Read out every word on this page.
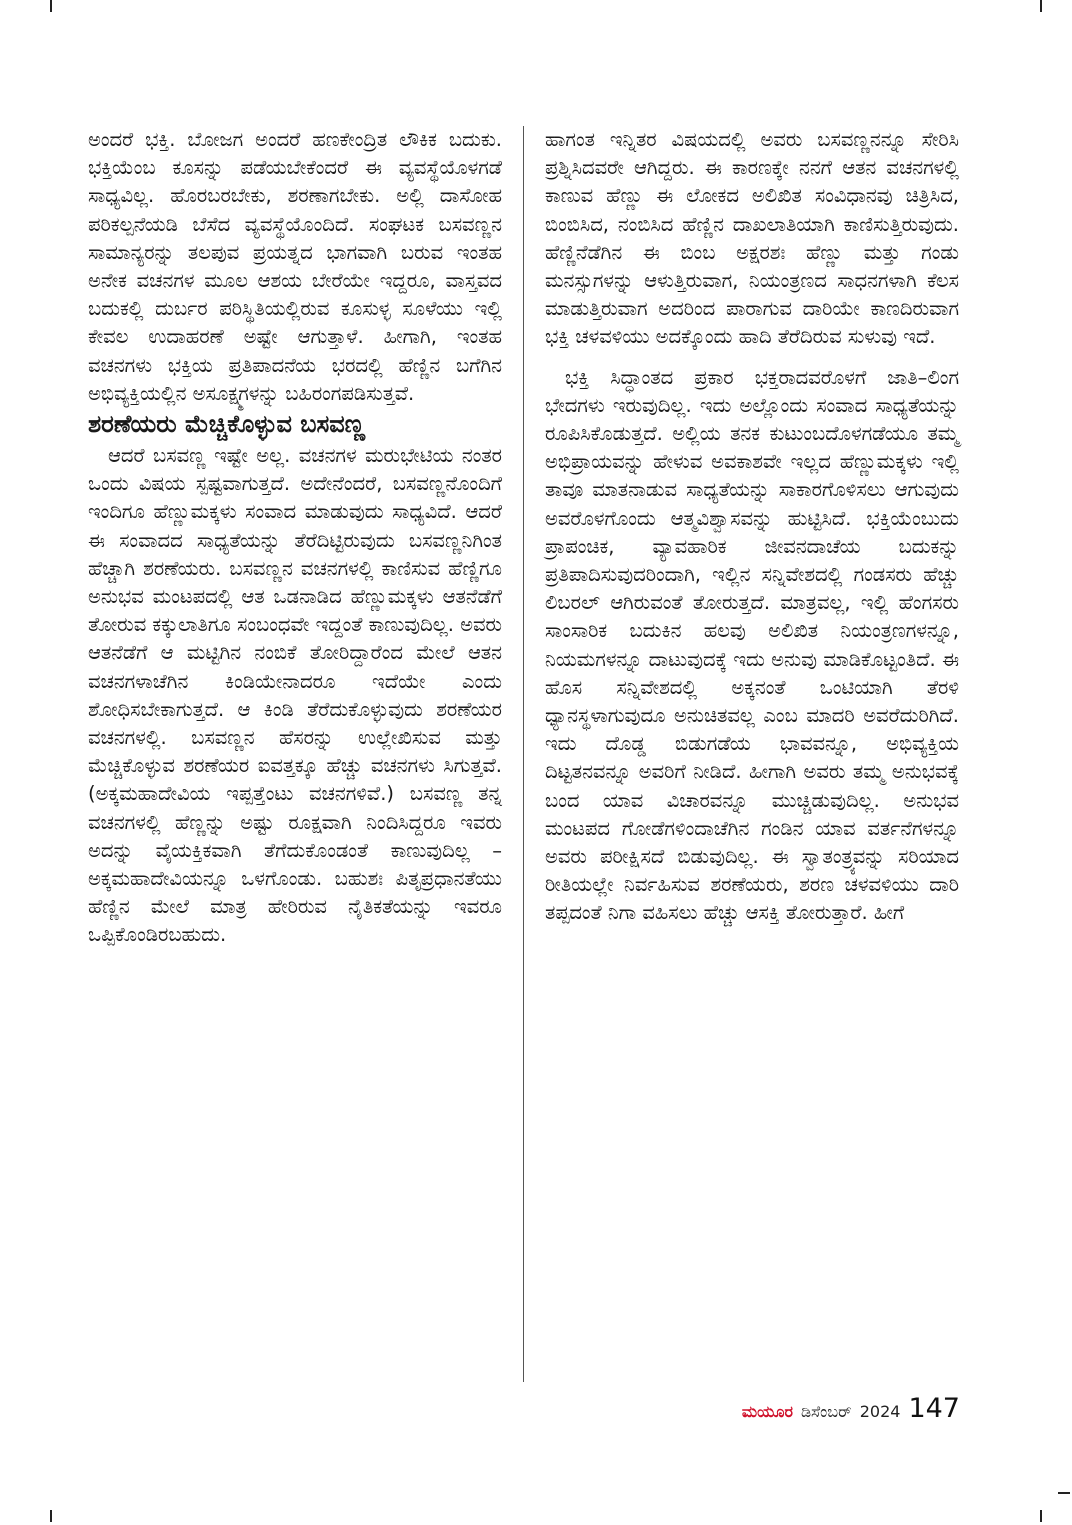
ಅಂದರೆ ಭಕ್ತಿ. ಬೋಜಗ ಅಂದರೆ ಹಣಕೇಂದ್ರಿತ ಲೌಕಿಕ ಬದುಕು. ಭಕ್ತಿಯೆಂಬ ಕೂಸನ್ನು ಪಡೆಯಬೇಕೆಂದರೆ ಈ ವ್ಯವಸ್ಥೆಯೊಳಗಡೆ ಸಾಧ್ಯವಿಲ್ಲ. ಹೊರಬರಬೇಕು, ಶರಣಾಗಬೇಕು. ಅಲ್ಲಿ ದಾಸೋಹ ಪರಿಕಲ್ಪನೆಯಡಿ ಬೆಸೆದ ವ್ಯವಸ್ಥೆಯೊಂದಿದೆ. ಸಂಘಟಕ ಬಸವಣ್ಣನ ಸಾಮಾನ್ಯರನ್ನು ತಲಪುವ ಪ್ರಯತ್ನದ ಭಾಗವಾಗಿ ಬರುವ ಇಂತಹ ಅನೇಕ ವಚನಗಳ ಮೂಲ ಆಶಯ ಬೇರೆಯೇ ಇದ್ದರೂ, ವಾಸ್ತವದ ಬದುಕಲ್ಲಿ ದುರ್ಬರ ಪರಿಸ್ಥಿತಿಯಲ್ಲಿರುವ ಕೂಸುಳ್ಳ ಸೂಳೆಯು ಇಲ್ಲಿ ಕೇವಲ ಉದಾಹರಣೆ ಅಷ್ಟೇ ಆಗುತ್ತಾಳೆ. ಹೀಗಾಗಿ, ಇಂತಹ ವಚನಗಳು ಭಕ್ತಿಯ ಪ್ರತಿಪಾದನೆಯ ಭರದಲ್ಲಿ ಹೆಣ್ಣಿನ ಬಗೆಗಿನ ಅಭಿವ್ಯಕ್ತಿಯಲ್ಲಿನ ಅಸೂಕ್ಷ್ಮಗಳನ್ನು ಬಹಿರಂಗಪಡಿಸುತ್ತವೆ.

ಶರಣೆಯರು ಮೆಚ್ಚಿಕೊಳ್ಳುವ ಬಸವಣ್ಣ

ಆದರೆ ಬಸವಣ್ಣ ಇಷ್ಟೇ ಅಲ್ಲ. ವಚನಗಳ ಮರುಭೇಟಿಯ ನಂತರ ಒಂದು ವಿಷಯ ಸ್ಪಷ್ಟವಾಗುತ್ತದೆ. ಅದೇನೆಂದರೆ, ಬಸವಣ್ಣನೊಂದಿಗೆ ಇಂದಿಗೂ ಹೆಣ್ಣುಮಕ್ಕಳು ಸಂವಾದ ಮಾಡುವುದು ಸಾಧ್ಯವಿದೆ. ಆದರೆ ಈ ಸಂವಾದದ ಸಾಧ್ಯತೆಯನ್ನು ತೆರೆದಿಟ್ಟಿರುವುದು ಬಸವಣ್ಣನಿಗಿಂತ ಹೆಚ್ಚಾಗಿ ಶರಣೆಯರು. ಬಸವಣ್ಣನ ವಚನಗಳಲ್ಲಿ ಕಾಣಿಸುವ ಹೆಣ್ಣಿಗೂ ಅನುಭವ ಮಂಟಪದಲ್ಲಿ ಆತ ಒಡನಾಡಿದ ಹೆಣ್ಣುಮಕ್ಕಳು ಆತನೆಡೆಗೆ ತೋರುವ ಕಕ್ಕುಲಾತಿಗೂ ಸಂಬಂಧವೇ ಇದ್ದಂತೆ ಕಾಣುವುದಿಲ್ಲ. ಅವರು ಆತನೆಡೆಗೆ ಆ ಮಟ್ಟಿಗಿನ ನಂಬಿಕೆ ತೋರಿದ್ದಾರೆಂದ ಮೇಲೆ ಆತನ ವಚನಗಳಾಚೆಗಿನ ಕಿಂಡಿಯೇನಾದರೂ ಇದೆಯೇ ಎಂದು ಶೋಧಿಸಬೇಕಾಗುತ್ತದೆ. ಆ ಕಿಂಡಿ ತೆರೆದುಕೊಳ್ಳುವುದು ಶರಣೆಯರ ವಚನಗಳಲ್ಲಿ. ಬಸವಣ್ಣನ ಹೆಸರನ್ನು ಉಲ್ಲೇಖಿಸುವ ಮತ್ತು ಮೆಚ್ಚಿಕೊಳ್ಳುವ ಶರಣೆಯರ ಐವತ್ತಕ್ಕೂ ಹೆಚ್ಚು ವಚನಗಳು ಸಿಗುತ್ತವೆ. (ಅಕ್ಕಮಹಾದೇವಿಯ ಇಪ್ಪತ್ತೆಂಟು ವಚನಗಳಿವೆ.) ಬಸವಣ್ಣ ತನ್ನ ವಚನಗಳಲ್ಲಿ ಹೆಣ್ಣನ್ನು ಅಷ್ಟು ರೂಕ್ಷವಾಗಿ ನಿಂದಿಸಿದ್ದರೂ ಇವರು ಅದನ್ನು ವೈಯಕ್ತಿಕವಾಗಿ ತೆಗೆದುಕೊಂಡಂತೆ ಕಾಣುವುದಿಲ್ಲ – ಅಕ್ಕಮಹಾದೇವಿಯನ್ನೂ ಒಳಗೊಂಡು. ಬಹುಶಃ ಪಿತೃಪ್ರಧಾನತೆಯು ಹೆಣ್ಣಿನ ಮೇಲೆ ಮಾತ್ರ ಹೇರಿರುವ ನೈತಿಕತೆಯನ್ನು ಇವರೂ ಒಪ್ಪಿಕೊಂಡಿರಬಹುದು.

ಹಾಗಂತ ಇನ್ನಿತರ ವಿಷಯದಲ್ಲಿ ಅವರು ಬಸವಣ್ಣನನ್ನೂ ಸೇರಿಸಿ ಪ್ರಶ್ನಿಸಿದವರೇ ಆಗಿದ್ದರು. ಈ ಕಾರಣಕ್ಕೇ ನನಗೆ ಆತನ ವಚನಗಳಲ್ಲಿ ಕಾಣುವ ಹೆಣ್ಣು ಈ ಲೋಕದ ಅಲಿಖಿತ ಸಂವಿಧಾನವು ಚಿತ್ರಿಸಿದ, ಬಿಂಬಿಸಿದ, ನಂಬಿಸಿದ ಹೆಣ್ಣಿನ ದಾಖಲಾತಿಯಾಗಿ ಕಾಣಿಸುತ್ತಿರುವುದು. ಹೆಣ್ಣಿನೆಡೆಗಿನ ಈ ಬಿಂಬ ಅಕ್ಷರಶಃ ಹೆಣ್ಣು ಮತ್ತು ಗಂಡು ಮನಸ್ಸುಗಳನ್ನು ಆಳುತ್ತಿರುವಾಗ, ನಿಯಂತ್ರಣದ ಸಾಧನಗಳಾಗಿ ಕೆಲಸ ಮಾಡುತ್ತಿರುವಾಗ ಅದರಿಂದ ಪಾರಾಗುವ ದಾರಿಯೇ ಕಾಣದಿರುವಾಗ ಭಕ್ತಿ ಚಳವಳಿಯು ಅದಕ್ಕೊಂದು ಹಾದಿ ತೆರೆದಿರುವ ಸುಳುವು ಇದೆ.

ಭಕ್ತಿ ಸಿದ್ಧಾಂತದ ಪ್ರಕಾರ ಭಕ್ತರಾದವರೊಳಗೆ ಜಾತಿ–ಲಿಂಗ ಭೇದಗಳು ಇರುವುದಿಲ್ಲ. ಇದು ಅಲ್ಲೊಂದು ಸಂವಾದ ಸಾಧ್ಯತೆಯನ್ನು ರೂಪಿಸಿಕೊಡುತ್ತದೆ. ಅಲ್ಲಿಯ ತನಕ ಕುಟುಂಬದೊಳಗಡೆಯೂ ತಮ್ಮ ಅಭಿಪ್ರಾಯವನ್ನು ಹೇಳುವ ಅವಕಾಶವೇ ಇಲ್ಲದ ಹೆಣ್ಣುಮಕ್ಕಳು ಇಲ್ಲಿ ತಾವೂ ಮಾತನಾಡುವ ಸಾಧ್ಯತೆಯನ್ನು ಸಾಕಾರಗೊಳಿಸಲು ಆಗುವುದು ಅವರೊಳಗೊಂದು ಆತ್ಮವಿಶ್ವಾಸವನ್ನು ಹುಟ್ಟಿಸಿದೆ. ಭಕ್ತಿಯೆಂಬುದು ಪ್ರಾಪಂಚಿಕ, ವ್ಯಾವಹಾರಿಕ ಜೀವನದಾಚೆಯ ಬದುಕನ್ನು ಪ್ರತಿಪಾದಿಸುವುದರಿಂದಾಗಿ, ಇಲ್ಲಿನ ಸನ್ನಿವೇಶದಲ್ಲಿ ಗಂಡಸರು ಹೆಚ್ಚು ಲಿಬರಲ್ ಆಗಿರುವಂತೆ ತೋರುತ್ತದೆ. ಮಾತ್ರವಲ್ಲ, ಇಲ್ಲಿ ಹೆಂಗಸರು ಸಾಂಸಾರಿಕ ಬದುಕಿನ ಹಲವು ಅಲಿಖಿತ ನಿಯಂತ್ರಣಗಳನ್ನೂ, ನಿಯಮಗಳನ್ನೂ ದಾಟುವುದಕ್ಕೆ ಇದು ಅನುವು ಮಾಡಿಕೊಟ್ಟಂತಿದೆ. ಈ ಹೊಸ ಸನ್ನಿವೇಶದಲ್ಲಿ ಅಕ್ಕನಂತೆ ಒಂಟಿಯಾಗಿ ತೆರಳಿ ಧ್ಯಾನಸ್ಥಳಾಗುವುದೂ ಅನುಚಿತವಲ್ಲ ಎಂಬ ಮಾದರಿ ಅವರೆದುರಿಗಿದೆ. ಇದು ದೊಡ್ಡ ಬಿಡುಗಡೆಯ ಭಾವವನ್ನೂ, ಅಭಿವ್ಯಕ್ತಿಯ ದಿಟ್ಟತನವನ್ನೂ ಅವರಿಗೆ ನೀಡಿದೆ. ಹೀಗಾಗಿ ಅವರು ತಮ್ಮ ಅನುಭವಕ್ಕೆ ಬಂದ ಯಾವ ವಿಚಾರವನ್ನೂ ಮುಚ್ಚಿಡುವುದಿಲ್ಲ. ಅನುಭವ ಮಂಟಪದ ಗೋಡೆಗಳಿಂದಾಚೆಗಿನ ಗಂಡಿನ ಯಾವ ವರ್ತನೆಗಳನ್ನೂ ಅವರು ಪರೀಕ್ಷಿಸದೆ ಬಿಡುವುದಿಲ್ಲ. ಈ ಸ್ವಾತಂತ್ರ್ಯವನ್ನು ಸರಿಯಾದ ರೀತಿಯಲ್ಲೇ ನಿರ್ವಹಿಸುವ ಶರಣೆಯರು, ಶರಣ ಚಳವಳಿಯು ದಾರಿ ತಪ್ಪದಂತೆ ನಿಗಾ ವಹಿಸಲು ಹೆಚ್ಚು ಆಸಕ್ತಿ ತೋರುತ್ತಾರೆ. ಹೀಗೆ

ಮಯೂರ ಡಿಸೆಂಬರ್ 2024 147
